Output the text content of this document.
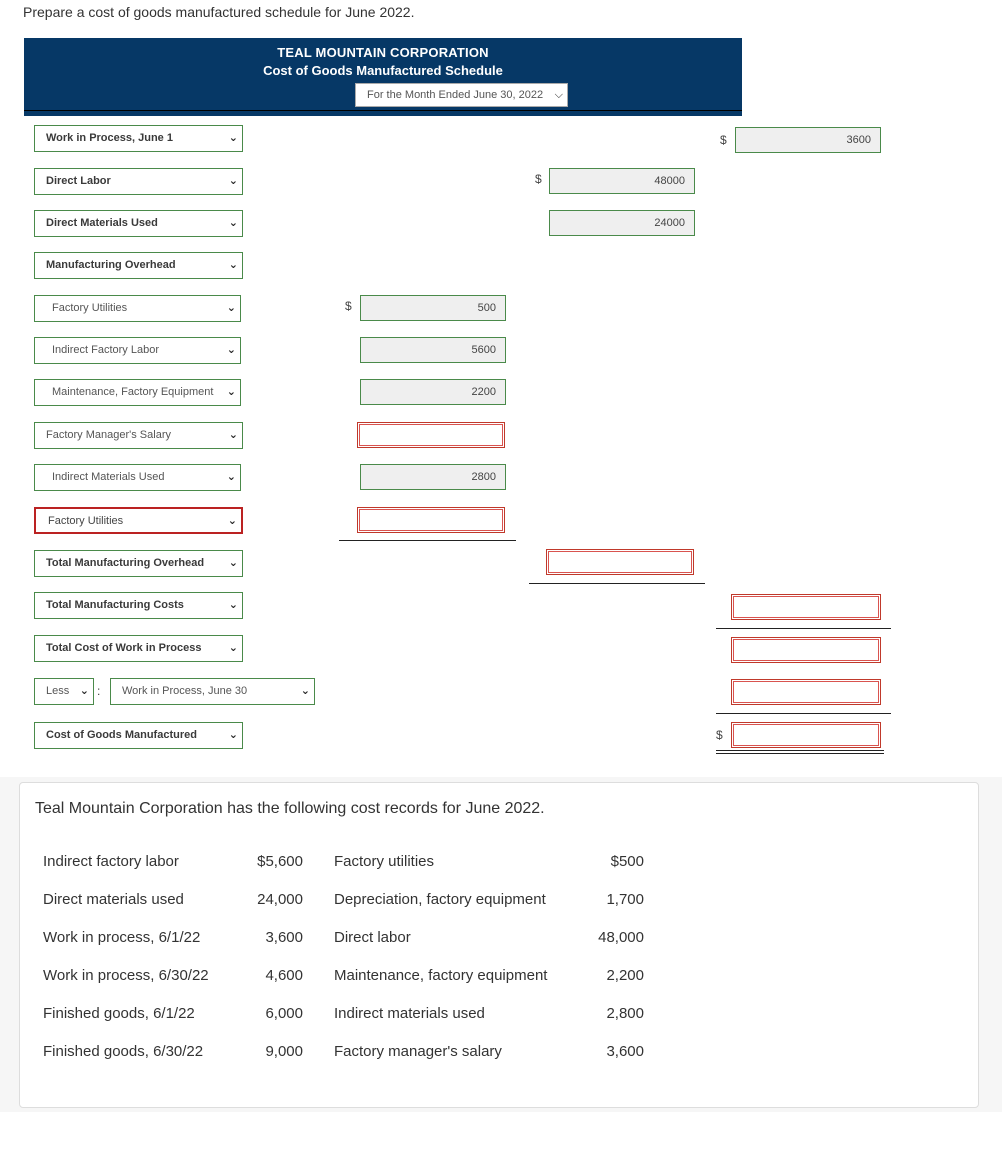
Prepare a cost of goods manufactured schedule for June 2022.
TEAL MOUNTAIN CORPORATION
Cost of Goods Manufactured Schedule
For the Month Ended June 30, 2022 ⌵
Work in Process, June 1	⌄	$	3600
Direct Labor	⌄	$	48000
Direct Materials Used	⌄	24000
Manufacturing Overhead	⌄
Factory Utilities	⌄	$	500
Indirect Factory Labor	⌄	5600
Maintenance, Factory Equipment ⌄	2200
Factory Manager's Salary	⌄
Indirect Materials Used	⌄	2800
Factory Utilities	⌄
Total Manufacturing Overhead ⌄
Total Manufacturing Costs	⌄
Total Cost of Work in Process ⌄
Less ⌄ :	Work in Process, June 30	⌄
Cost of Goods Manufactured	⌄	$
Teal Mountain Corporation has the following cost records for June 2022.
Indirect factory labor	$5,600 Factory utilities	$500
Direct materials used	24,000 Depreciation, factory equipment	1,700
Work in process, 6/1/22	3,600 Direct labor	48,000
Work in process, 6/30/22	4,600 Maintenance, factory equipment	2,200
Finished goods, 6/1/22	6,000 Indirect materials used	2,800
Finished goods, 6/30/22	9,000 Factory manager's salary	3,600
